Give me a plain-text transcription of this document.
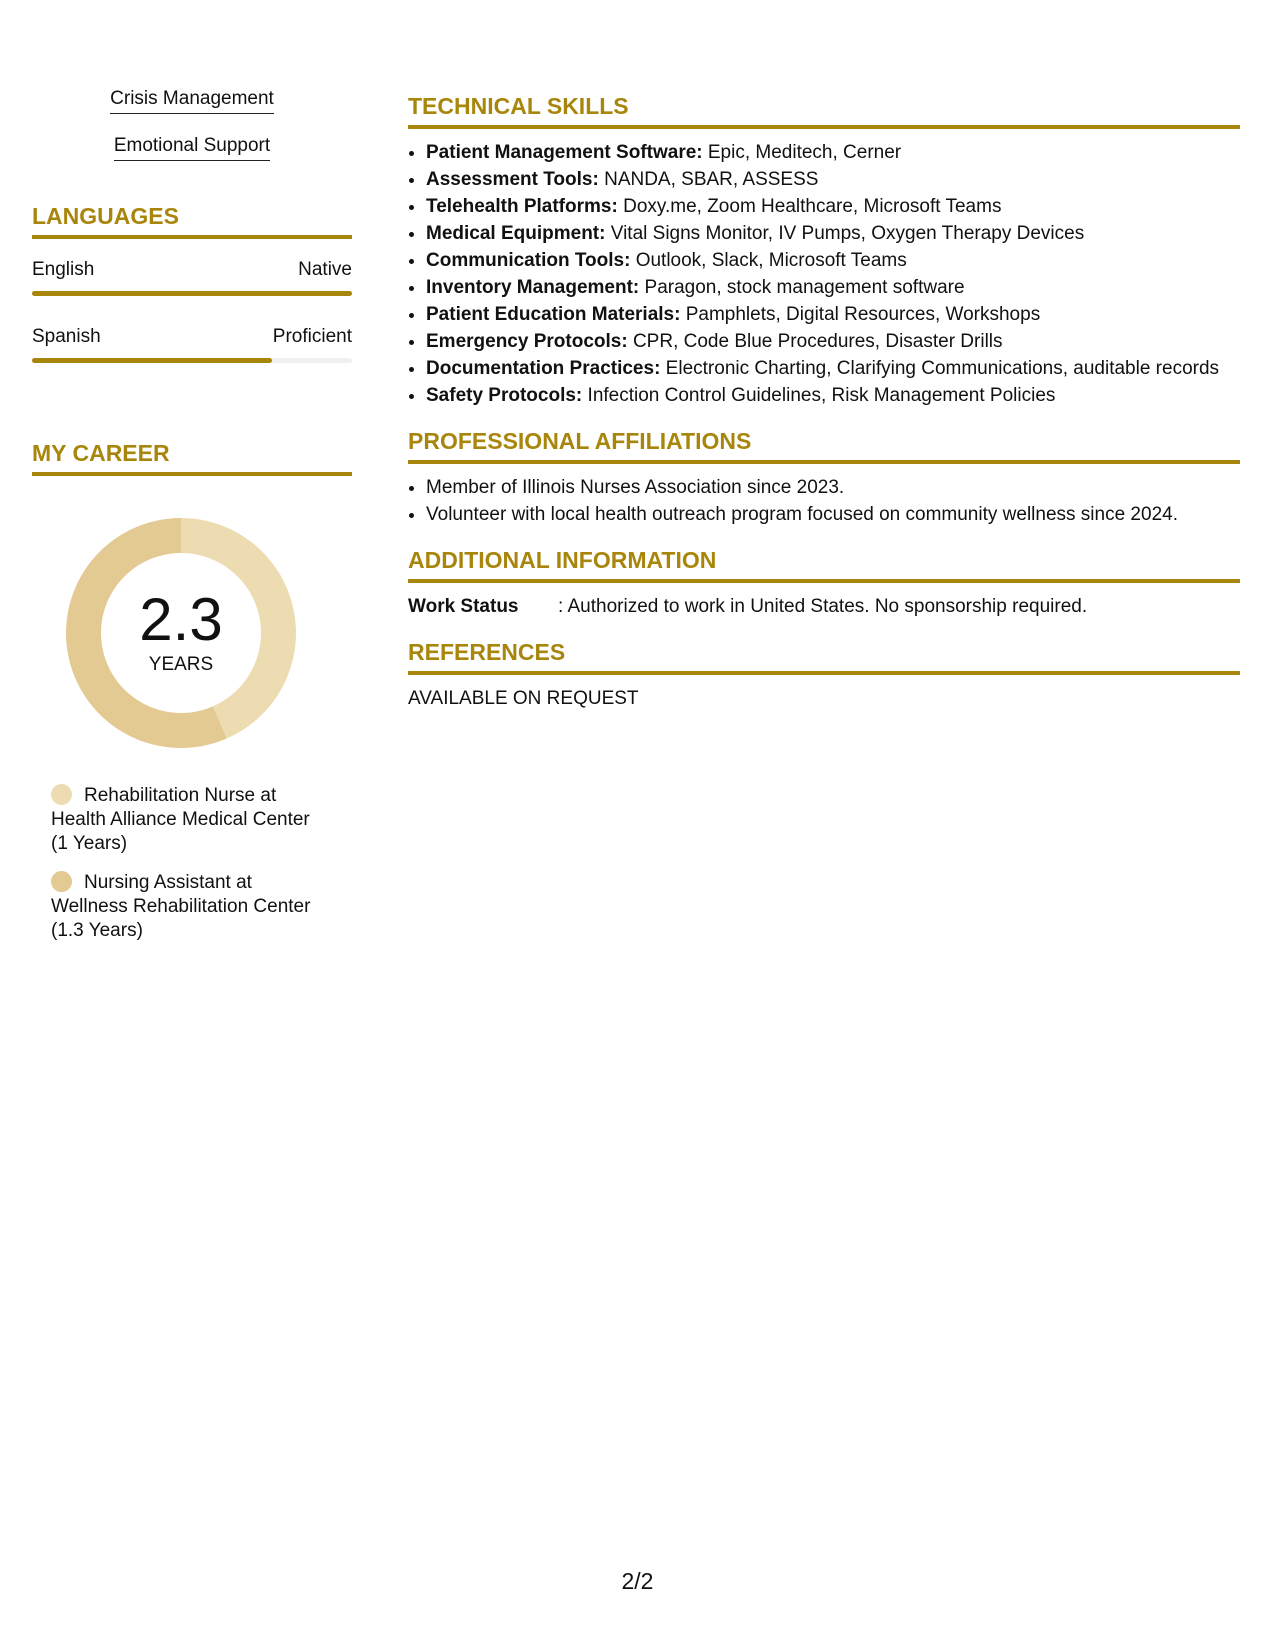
Crisis Management
Emotional Support
LANGUAGES
English	Native
Spanish	Proficient
MY CAREER
2.3
YEARS
Rehabilitation Nurse at Health Alliance Medical Center (1 Years)
Nursing Assistant at Wellness Rehabilitation Center (1.3 Years)
TECHNICAL SKILLS
• Patient Management Software: Epic, Meditech, Cerner
• Assessment Tools: NANDA, SBAR, ASSESS
• Telehealth Platforms: Doxy.me, Zoom Healthcare, Microsoft Teams
• Medical Equipment: Vital Signs Monitor, IV Pumps, Oxygen Therapy Devices
• Communication Tools: Outlook, Slack, Microsoft Teams
• Inventory Management: Paragon, stock management software
• Patient Education Materials: Pamphlets, Digital Resources, Workshops
• Emergency Protocols: CPR, Code Blue Procedures, Disaster Drills
• Documentation Practices: Electronic Charting, Clarifying Communications, auditable records
• Safety Protocols: Infection Control Guidelines, Risk Management Policies
PROFESSIONAL AFFILIATIONS
• Member of Illinois Nurses Association since 2023.
• Volunteer with local health outreach program focused on community wellness since 2024.
ADDITIONAL INFORMATION
Work Status	: Authorized to work in United States. No sponsorship required.
REFERENCES
AVAILABLE ON REQUEST
2/2
